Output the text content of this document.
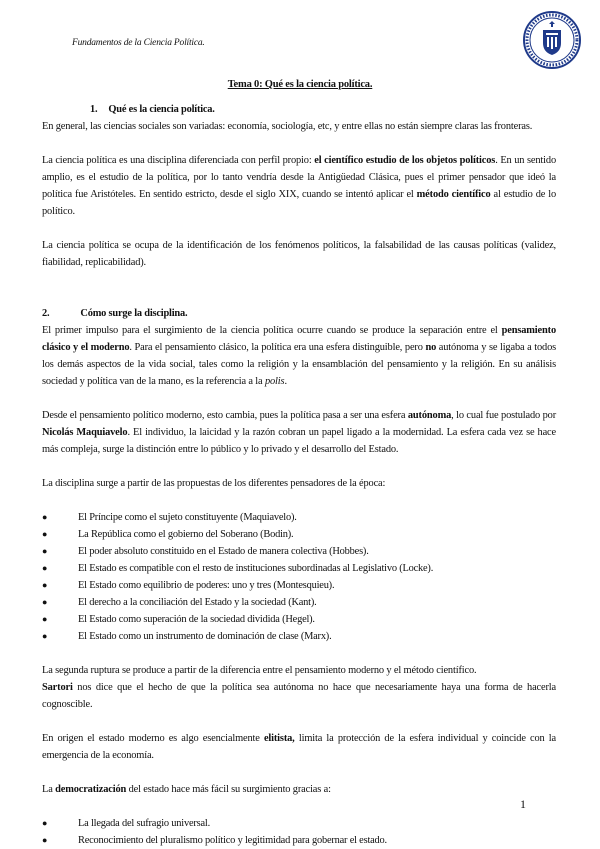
Fundamentos de la Ciencia Política.
Tema 0: Qué es la ciencia política.
1. Qué es la ciencia política.

En general, las ciencias sociales son variadas: economía, sociología, etc, y entre ellas no están siempre claras las fronteras.

La ciencia política es una disciplina diferenciada con perfil propio: el científico estudio de los objetos políticos. En un sentido amplio, es el estudio de la política, por lo tanto vendría desde la Antigüedad Clásica, pues el primer pensador que ideó la política fue Aristóteles. En sentido estricto, desde el siglo XIX, cuando se intentó aplicar el método científico al estudio de lo político.

La ciencia política se ocupa de la identificación de los fenómenos políticos, la falsabilidad de las causas políticas (validez, fiabilidad, replicabilidad).

2.	Cómo surge la disciplina.

El primer impulso para el surgimiento de la ciencia política ocurre cuando se produce la separación entre el pensamiento clásico y el moderno. Para el pensamiento clásico, la política era una esfera distinguible, pero no autónoma y se ligaba a todos los demás aspectos de la vida social, tales como la religión y la ensamblación del pensamiento y la religión. En su análisis sociedad y política van de la mano, es la referencia a la polis.

Desde el pensamiento político moderno, esto cambia, pues la política pasa a ser una esfera autónoma, lo cual fue postulado por Nicolás Maquiavelo. El individuo, la laicidad y la razón cobran un papel ligado a la modernidad. La esfera cada vez se hace más compleja, surge la distinción entre lo público y lo privado y el desarrollo del Estado.

La disciplina surge a partir de las propuestas de los diferentes pensadores de la época:

●	El Príncipe como el sujeto constituyente (Maquiavelo).
●	La República como el gobierno del Soberano (Bodin).
●	El poder absoluto constituido en el Estado de manera colectiva (Hobbes).
●	El Estado es compatible con el resto de instituciones subordinadas al Legislativo (Locke).
●	El Estado como equilibrio de poderes: uno y tres (Montesquieu).
●	El derecho a la conciliación del Estado y la sociedad (Kant).
●	El Estado como superación de la sociedad dividida (Hegel).
●	El Estado como un instrumento de dominación de clase (Marx).

La segunda ruptura se produce a partir de la diferencia entre el pensamiento moderno y el método científico.
Sartori nos dice que el hecho de que la política sea autónoma no hace que necesariamente haya una forma de hacerla cognoscible.

En origen el estado moderno es algo esencialmente elitista, limita la protección de la esfera individual y coincide con la emergencia de la economía.

La democratización del estado hace más fácil su surgimiento gracias a:

●	La llegada del sufragio universal.
●	Reconocimiento del pluralismo político y legitimidad para gobernar el estado.
1
